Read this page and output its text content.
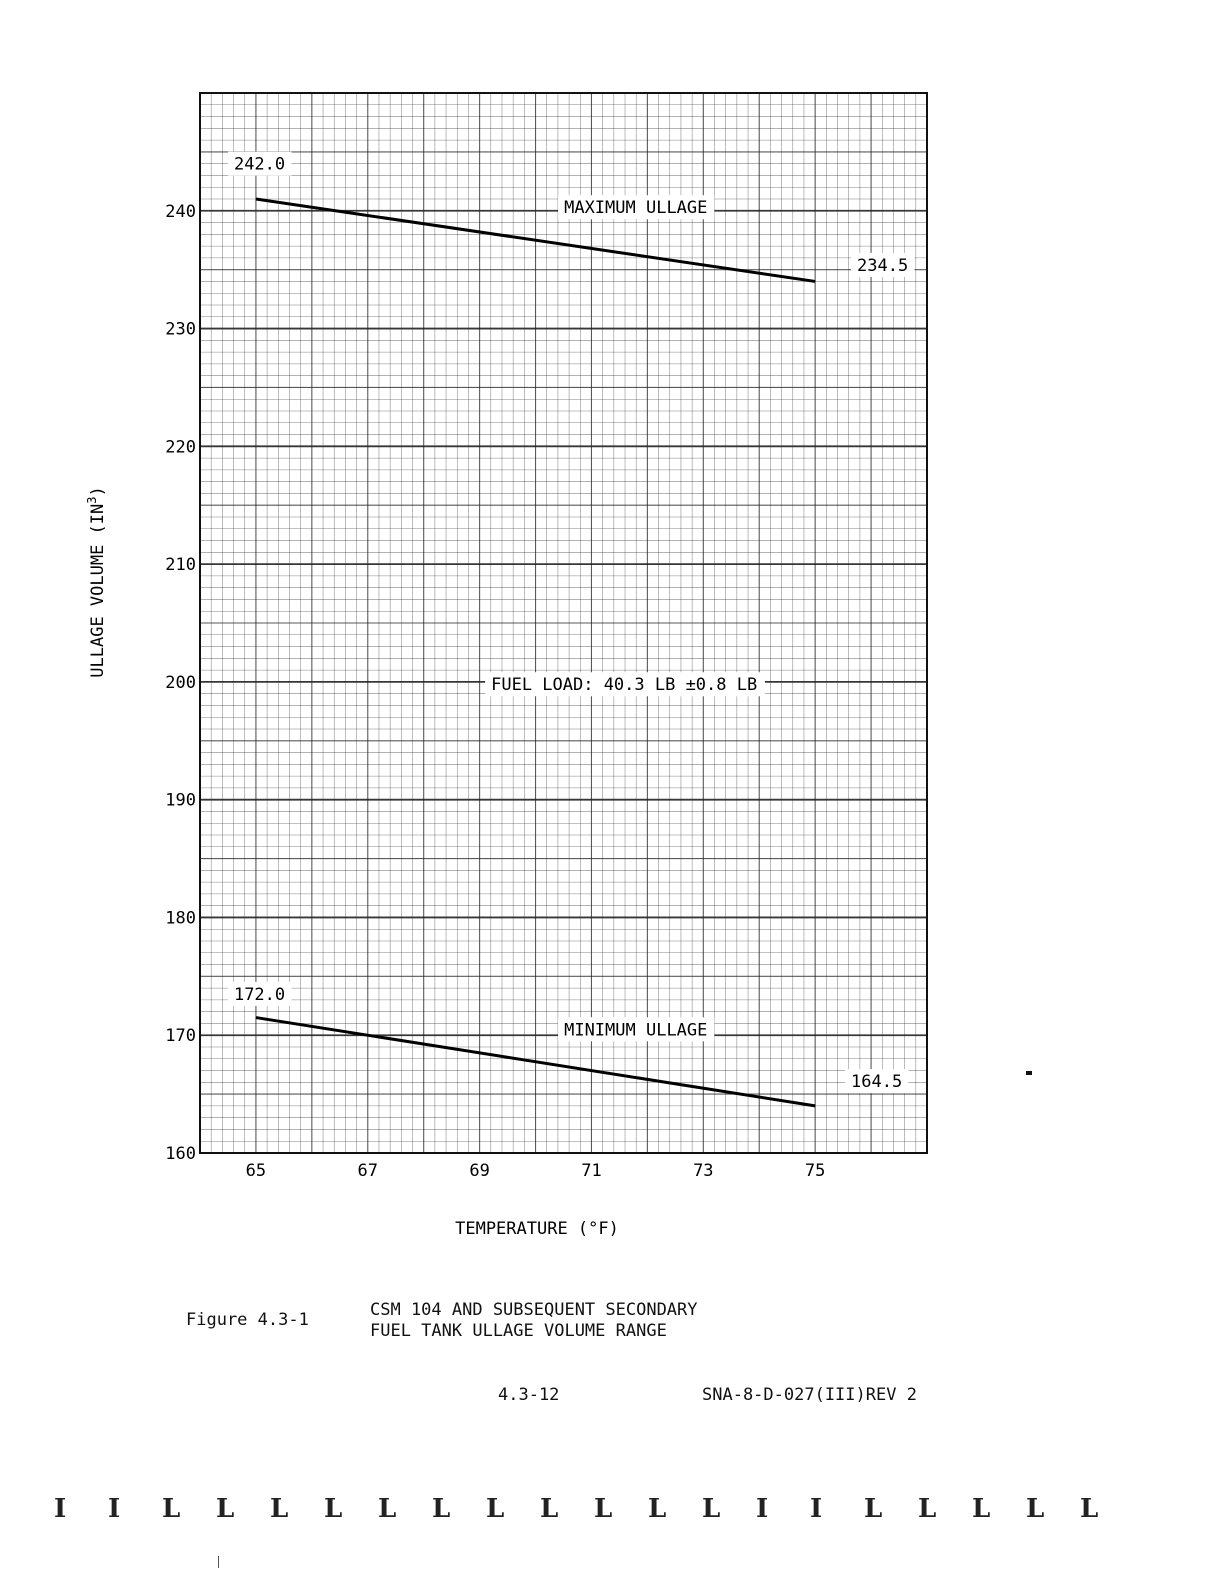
160
170
180
190
200
210
220
230
240
65	67	69	71	73	75
242.0
234.5
172.0
164.5
MAXIMUM ULLAGE
MINIMUM ULLAGE
FUEL LOAD: 40.3 LB ±0.8 LB
TEMPERATURE (°F)
ULLAGE VOLUME $(IN^3)$
Figure 4.3-1	CSM 104 AND SUBSEQUENT SECONDARY
FUEL TANK ULLAGE VOLUME RANGE
4.3-12	SNA-8-D-027(III)REV 2
I I L L L L L L L L L L L I I L L L L L
